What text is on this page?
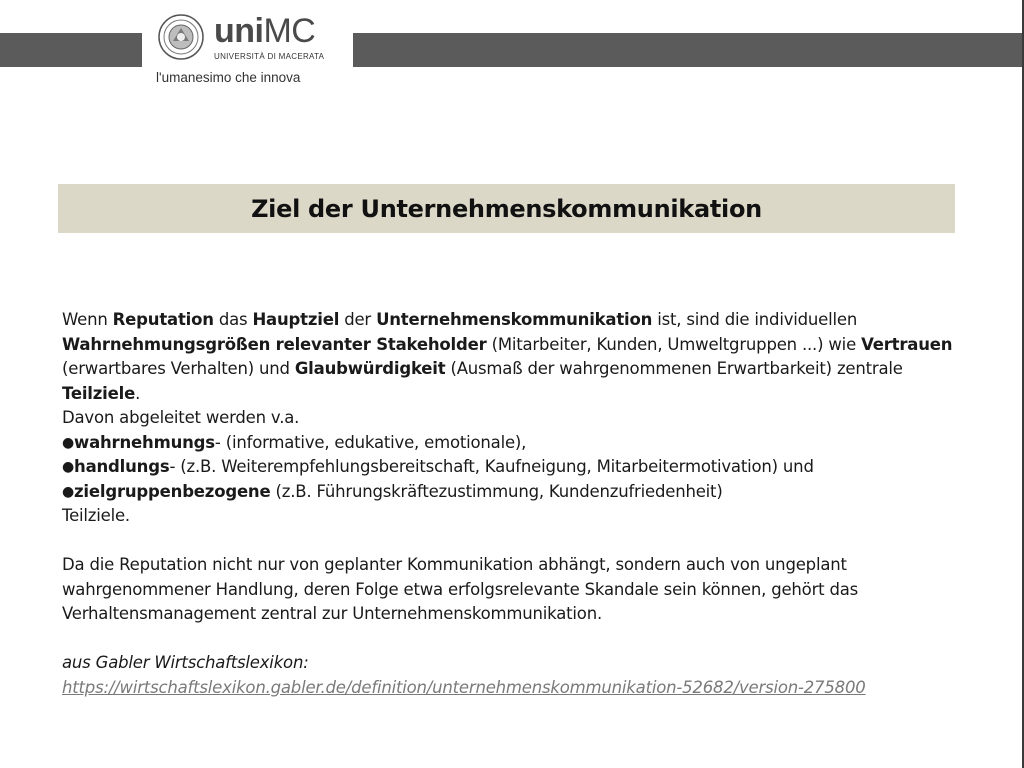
uniMC
UNIVERSITÀ DI MACERATA
l'umanesimo che innova
Ziel der Unternehmenskommunikation

Wenn Reputation das Hauptziel der Unternehmenskommunikation ist, sind die individuellen Wahrnehmungsgrößen relevanter Stakeholder (Mitarbeiter, Kunden, Umweltgruppen ...) wie Vertrauen (erwartbares Verhalten) und Glaubwürdigkeit (Ausmaß der wahrgenommenen Erwartbarkeit) zentrale Teilziele.

Davon abgeleitet werden v.a.

●wahrnehmungs- (informative, edukative, emotionale),

●handlungs- (z.B. Weiterempfehlungsbereitschaft, Kaufneigung, Mitarbeitermotivation) und

●zielgruppenbezogene (z.B. Führungskräftezustimmung, Kundenzufriedenheit)

Teilziele.

Da die Reputation nicht nur von geplanter Kommunikation abhängt, sondern auch von ungeplant wahrgenommener Handlung, deren Folge etwa erfolgsrelevante Skandale sein können, gehört das Verhaltensmanagement zentral zur Unternehmenskommunikation.

aus Gabler Wirtschaftslexikon:

https://wirtschaftslexikon.gabler.de/definition/unternehmenskommunikation-52682/version-275800
